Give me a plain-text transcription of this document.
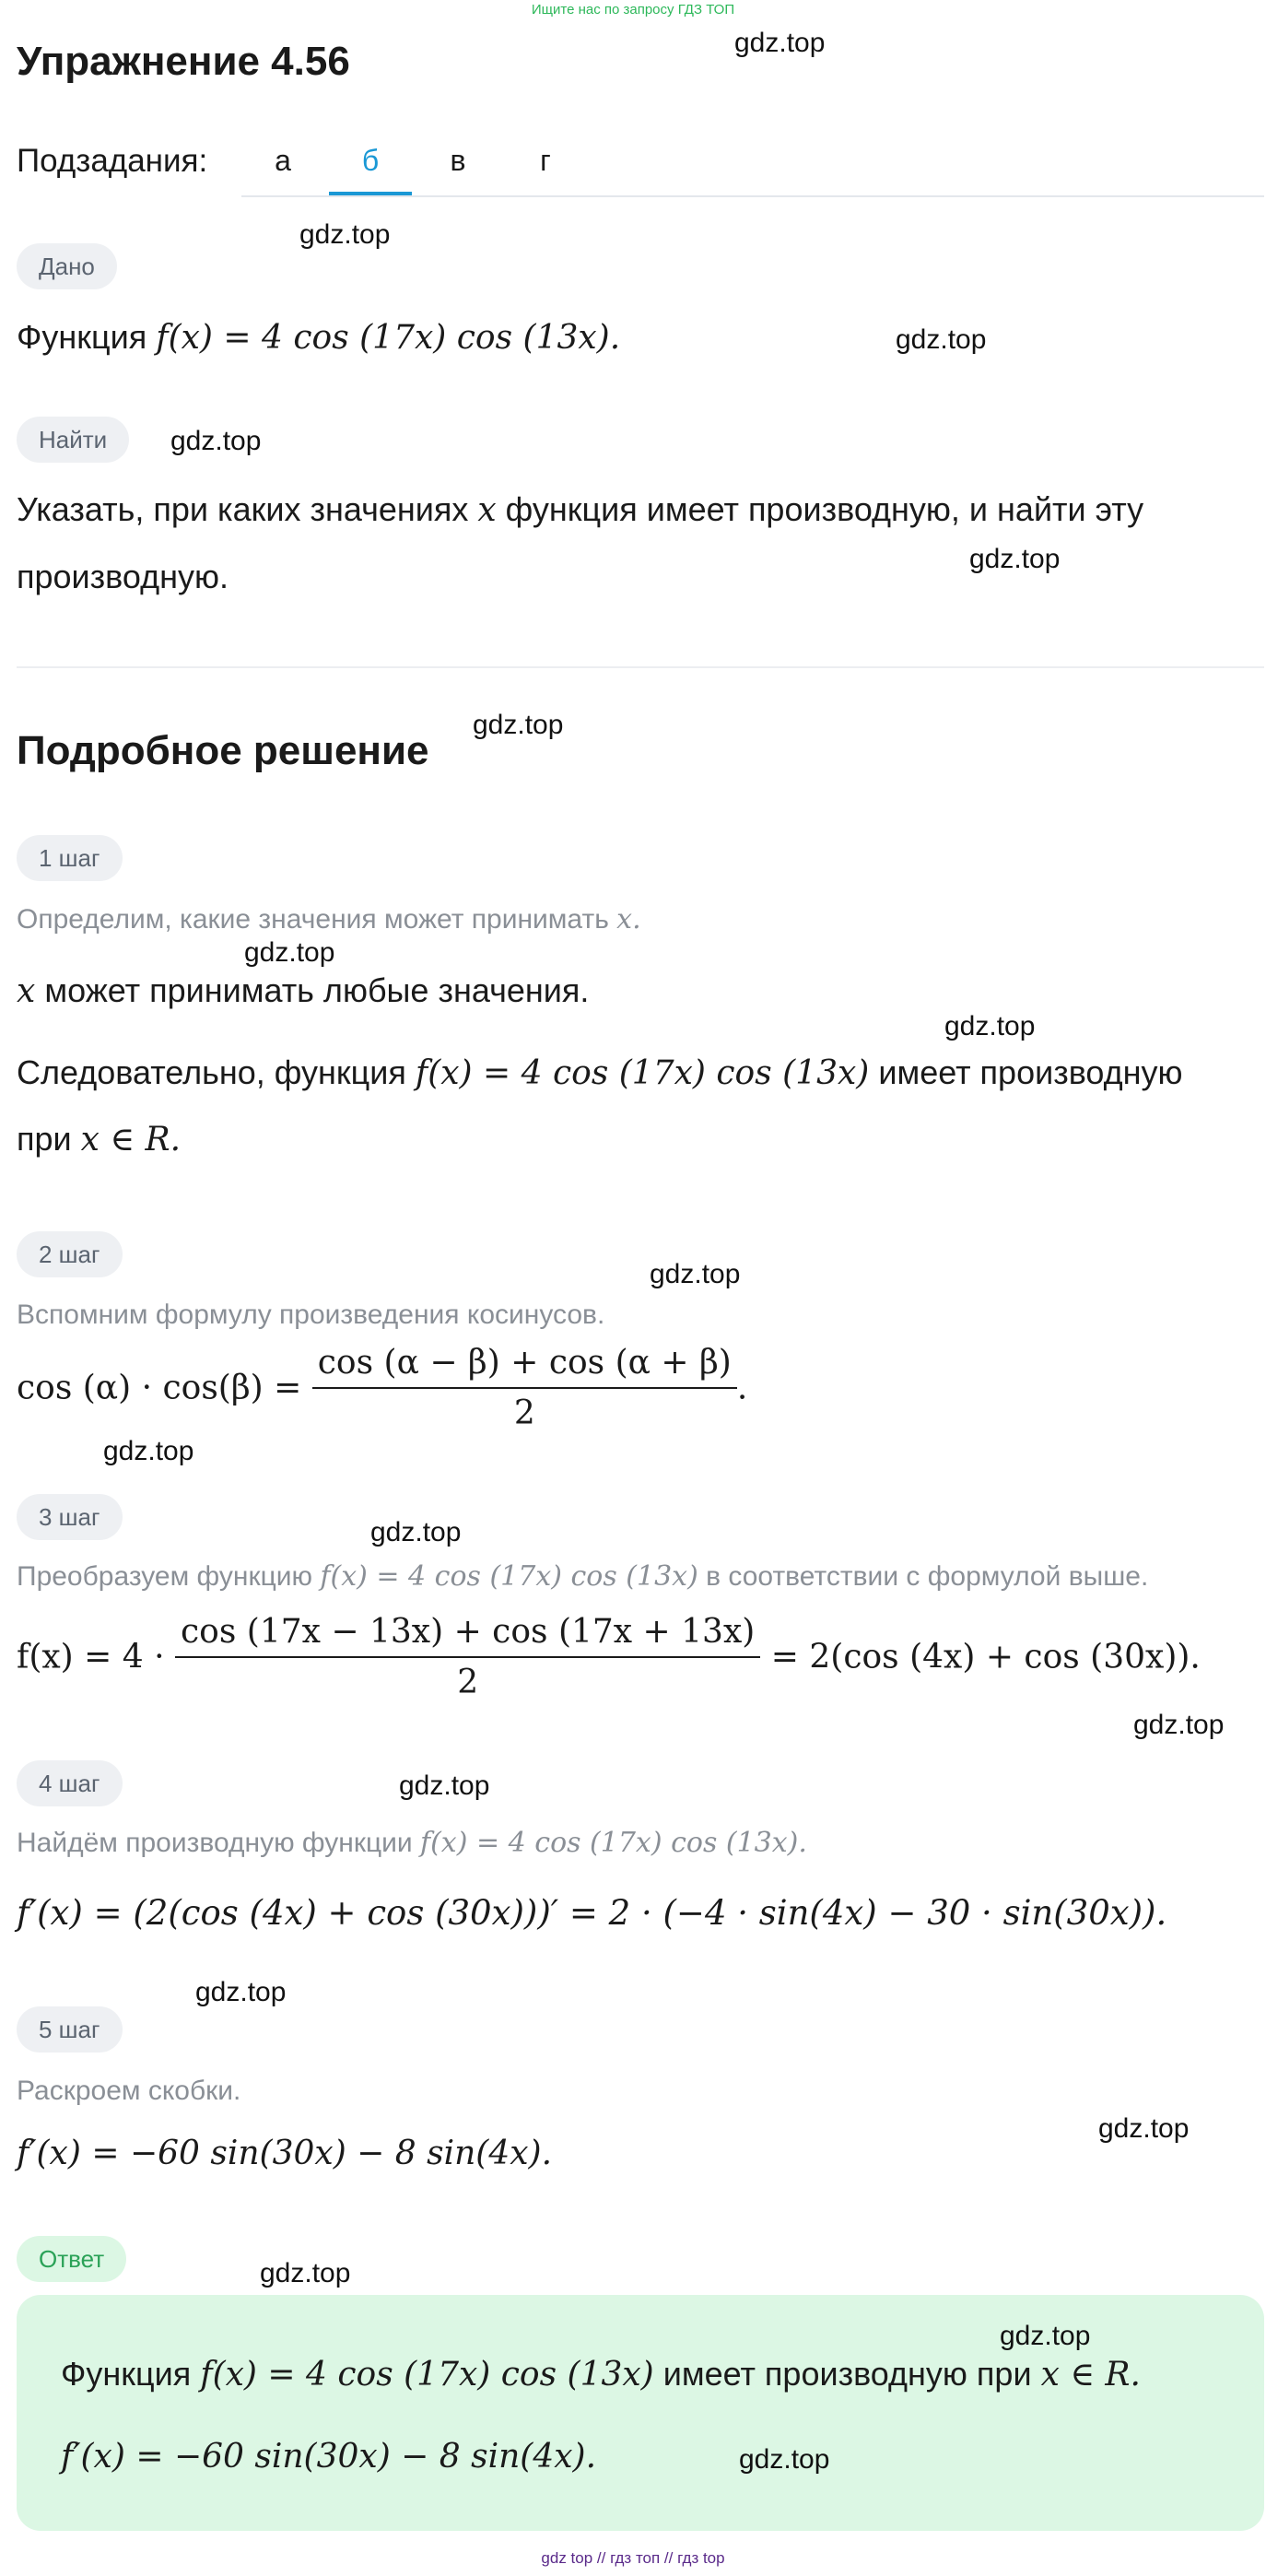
Ищите нас по запросу ГДЗ ТОП
Упражнение 4.56
Подзадания:	а	б	в	г
Дано
Функция f(x) = 4 cos (17x) cos (13x).
Найти
Указать, при каких значениях x функция имеет производную, и найти эту
производную.
Подробное решение
1 шаг
Определим, какие значения может принимать x.
x может принимать любые значения.
Следовательно, функция f(x) = 4 cos (17x) cos (13x) имеет производную
при x ∈ R.
2 шаг
Вспомним формулу произведения косинусов.
$\cos (\alpha) \cdot \cos(\beta) = \frac{\cos (\alpha - \beta) + \cos (\alpha + \beta)}{2}$ .
3 шаг
Преобразуем функцию f(x) = 4 cos (17x) cos (13x) в соответствии с формулой выше.
$f(x) = 4 \cdot \frac{\cos (17x - 13x) + \cos (17x + 13x)}{2} = 2(\cos$ (4x) + cos (30x)).
4 шаг
Найдём производную функции f(x) = 4 cos (17x) cos (13x).
f′(x) = (2(cos (4x) + cos (30x)))′ = 2 · (−4 · sin(4x) − 30 · sin(30x)).
5 шаг
Раскроем скобки.
f′(x) = −60 sin(30x) − 8 sin(4x).
Ответ
Функция f(x) = 4 cos (17x) cos (13x) имеет производную при x ∈ R.
f′(x) = −60 sin(30x) − 8 sin(4x).
gdz.top
gdz.top
gdz.top
gdz.top
gdz.top
gdz.top
gdz.top
gdz.top
gdz.top
gdz.top
gdz.top
gdz.top
gdz.top
gdz.top
gdz.top
gdz.top
gdz.top
gdz.top
gdz top // гдз топ // гдз top
